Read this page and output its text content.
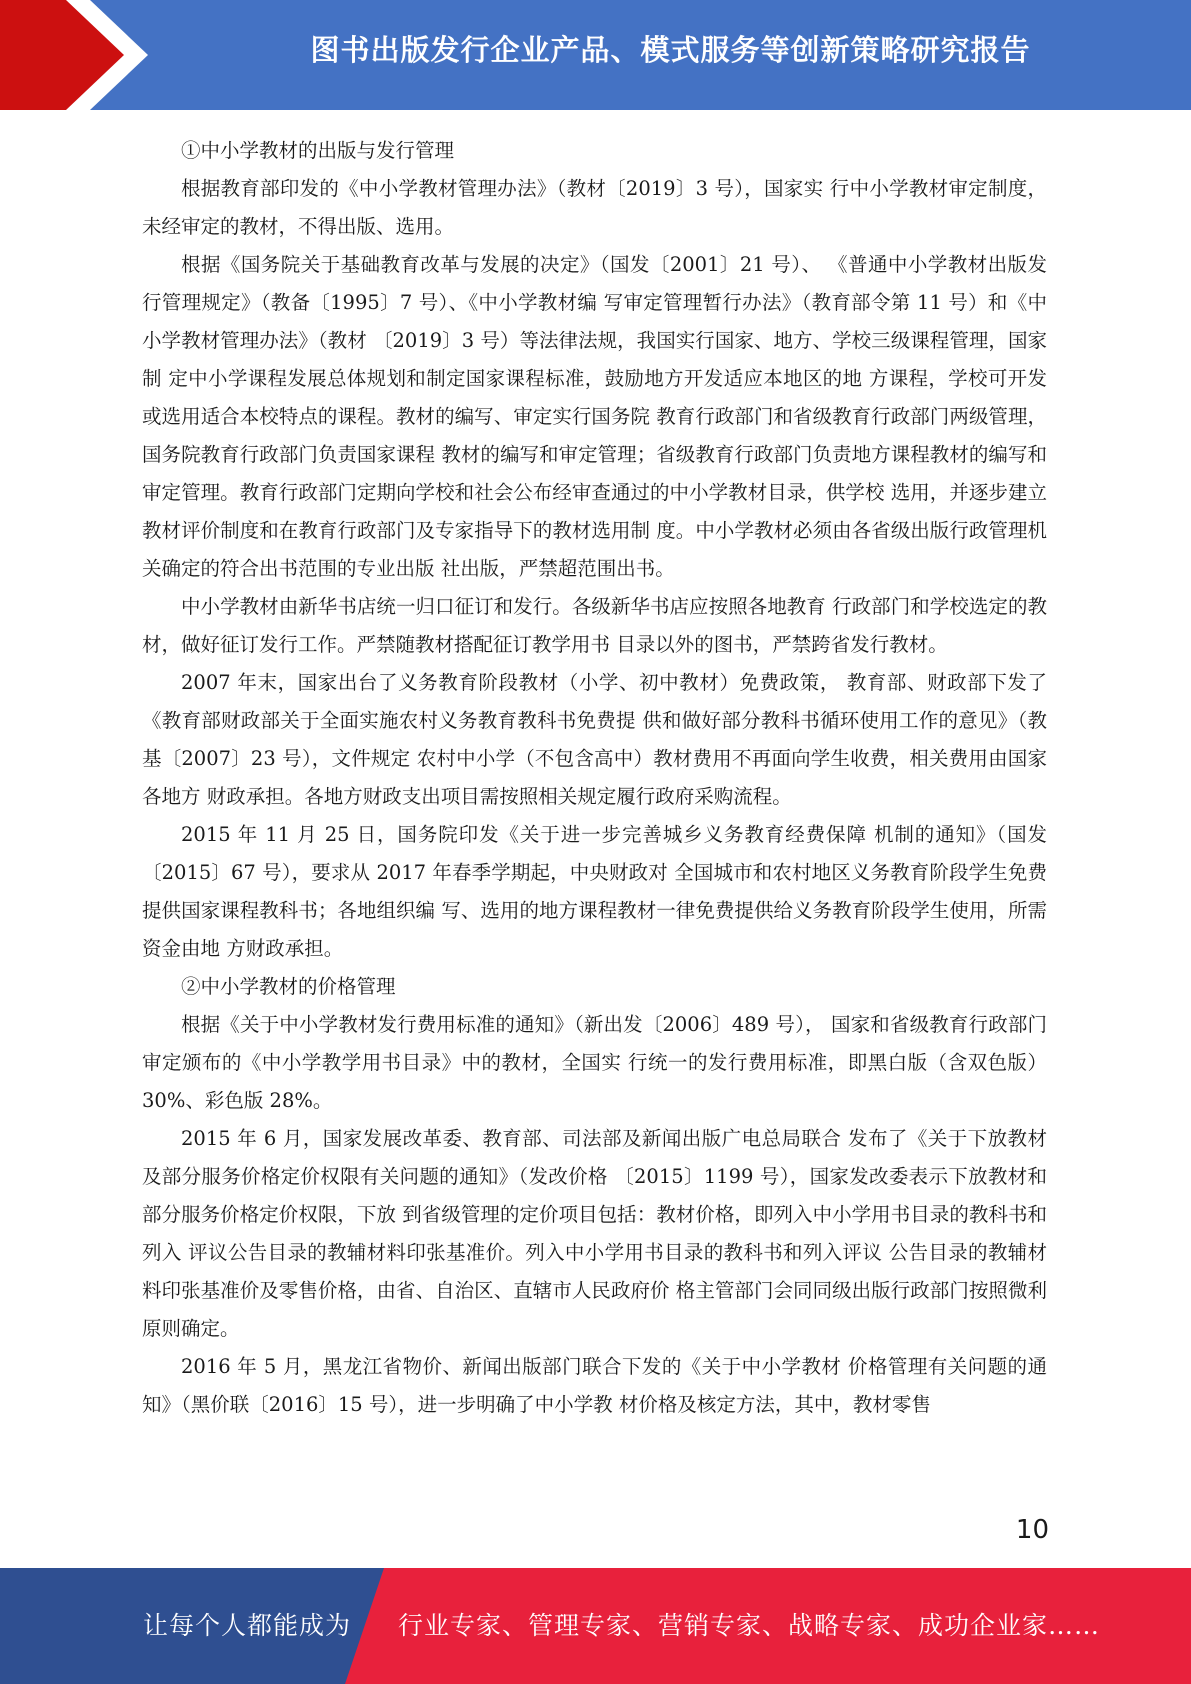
图书出版发行企业产品、模式服务等创新策略研究报告

①中小学教材的出版与发行管理

根据教育部印发的《中小学教材管理办法》（教材〔2019〕3 号），国家实 行中小学教材审定制度，未经审定的教材，不得出版、选用。

根据《国务院关于基础教育改革与发展的决定》（国发〔2001〕21 号）、 《普通中小学教材出版发行管理规定》（教备〔1995〕7 号）、《中小学教材编 写审定管理暂行办法》（教育部令第 11 号）和《中小学教材管理办法》（教材 〔2019〕3 号）等法律法规，我国实行国家、地方、学校三级课程管理，国家制 定中小学课程发展总体规划和制定国家课程标准，鼓励地方开发适应本地区的地 方课程，学校可开发或选用适合本校特点的课程。教材的编写、审定实行国务院 教育行政部门和省级教育行政部门两级管理，国务院教育行政部门负责国家课程 教材的编写和审定管理；省级教育行政部门负责地方课程教材的编写和审定管理。教育行政部门定期向学校和社会公布经审查通过的中小学教材目录，供学校 选用，并逐步建立教材评价制度和在教育行政部门及专家指导下的教材选用制 度。中小学教材必须由各省级出版行政管理机关确定的符合出书范围的专业出版 社出版，严禁超范围出书。

中小学教材由新华书店统一归口征订和发行。各级新华书店应按照各地教育 行政部门和学校选定的教材，做好征订发行工作。严禁随教材搭配征订教学用书 目录以外的图书，严禁跨省发行教材。

2007 年末，国家出台了义务教育阶段教材（小学、初中教材）免费政策， 教育部、财政部下发了《教育部财政部关于全面实施农村义务教育教科书免费提 供和做好部分教科书循环使用工作的意见》（教基〔2007〕23 号），文件规定 农村中小学（不包含高中）教材费用不再面向学生收费，相关费用由国家各地方 财政承担。各地方财政支出项目需按照相关规定履行政府采购流程。

2015 年 11 月 25 日，国务院印发《关于进一步完善城乡义务教育经费保障 机制的通知》（国发〔2015〕67 号），要求从 2017 年春季学期起，中央财政对 全国城市和农村地区义务教育阶段学生免费提供国家课程教科书；各地组织编 写、选用的地方课程教材一律免费提供给义务教育阶段学生使用，所需资金由地 方财政承担。

②中小学教材的价格管理

根据《关于中小学教材发行费用标准的通知》（新出发〔2006〕489 号）， 国家和省级教育行政部门审定颁布的《中小学教学用书目录》中的教材，全国实 行统一的发行费用标准，即黑白版（含双色版）30%、彩色版 28%。

2015 年 6 月，国家发展改革委、教育部、司法部及新闻出版广电总局联合 发布了《关于下放教材及部分服务价格定价权限有关问题的通知》（发改价格 〔2015〕1199 号），国家发改委表示下放教材和部分服务价格定价权限，下放 到省级管理的定价项目包括：教材价格，即列入中小学用书目录的教科书和列入 评议公告目录的教辅材料印张基准价。列入中小学用书目录的教科书和列入评议 公告目录的教辅材料印张基准价及零售价格，由省、自治区、直辖市人民政府价 格主管部门会同同级出版行政部门按照微利原则确定。

2016 年 5 月，黑龙江省物价、新闻出版部门联合下发的《关于中小学教材 价格管理有关问题的通知》（黑价联〔2016〕15 号），进一步明确了中小学教 材价格及核定方法，其中，教材零售

10
让每个人都能成为 行业专家、管理专家、营销专家、战略专家、成功企业家……
